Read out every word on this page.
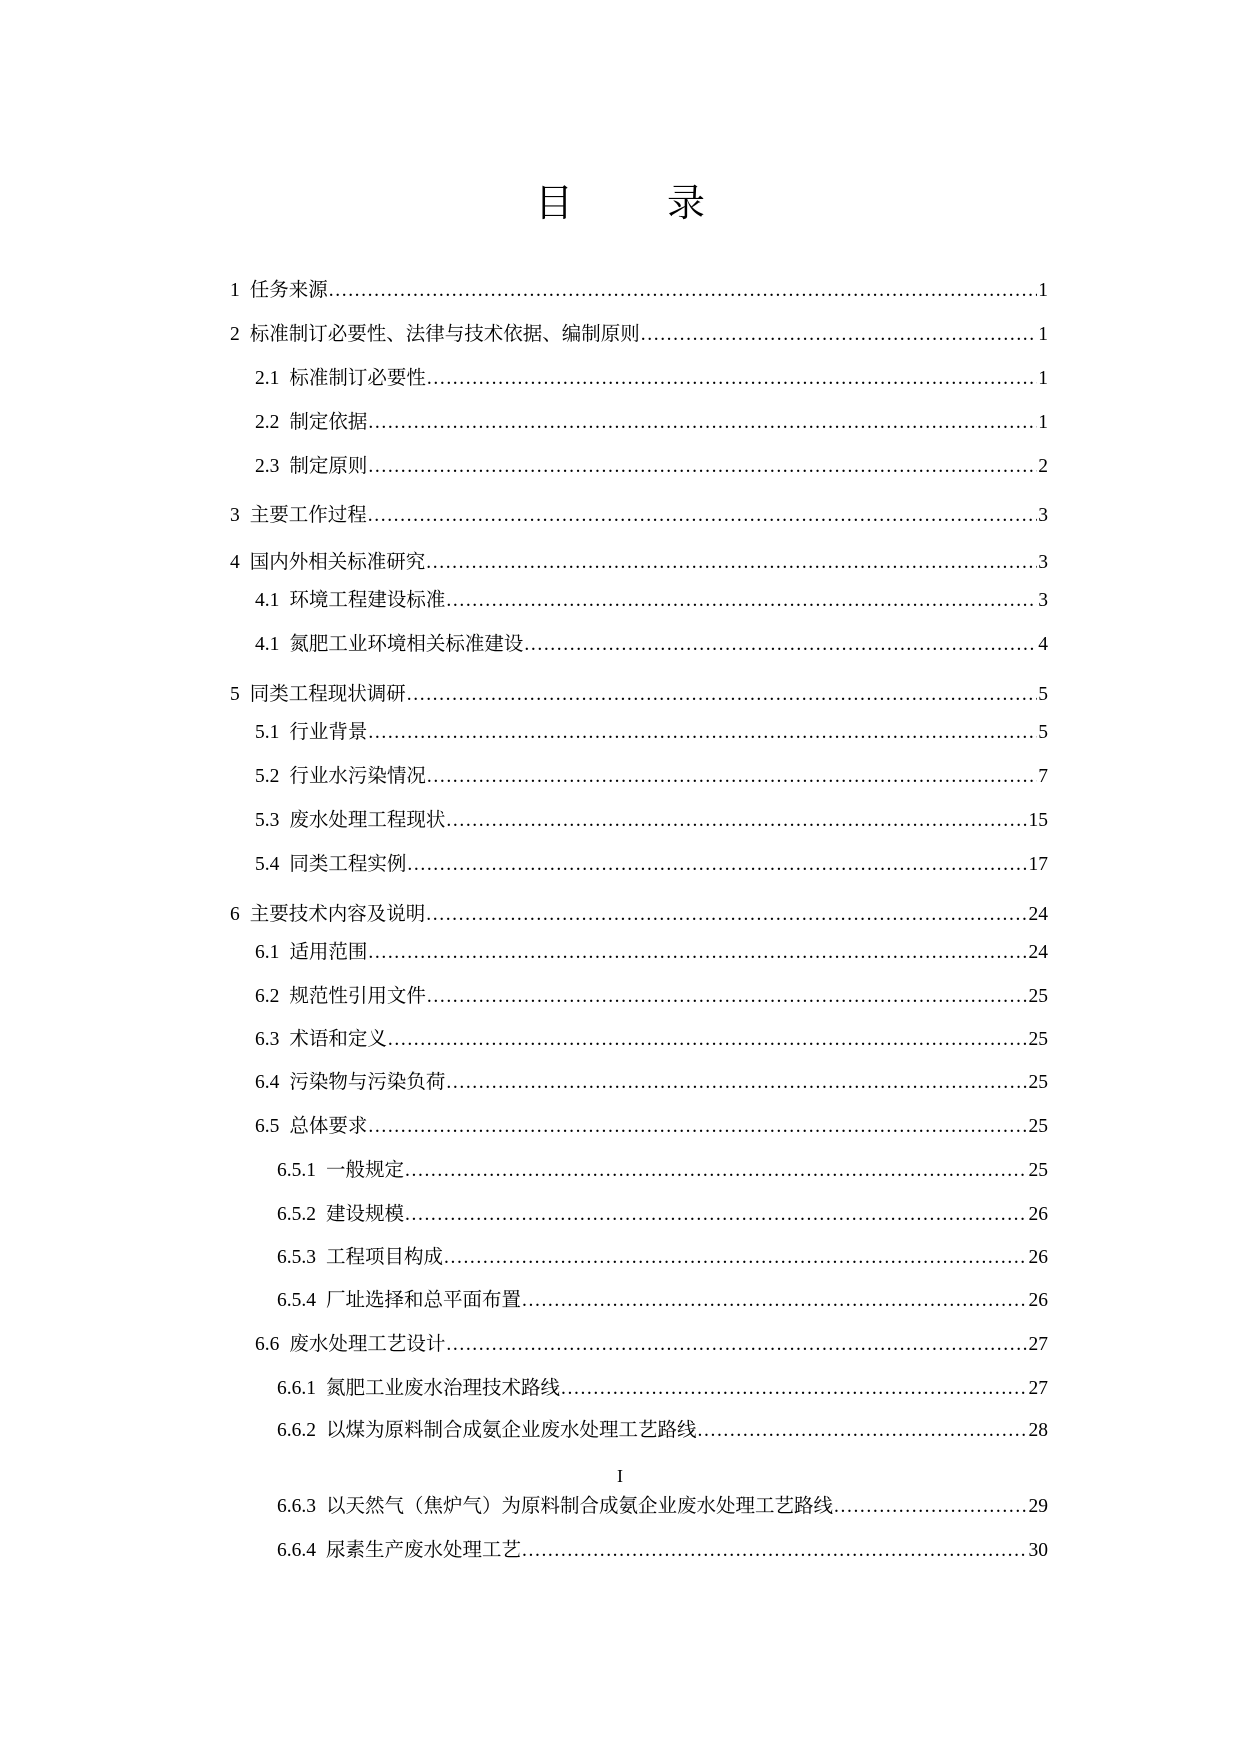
目　录
1 任务来源 .....	1
2 标准制订必要性、法律与技术依据、编制原则 .....	1
2.1 标准制订必要性 .....	1
2.2 制定依据 .....	1
2.3 制定原则 .....	2
3 主要工作过程 .....	3
4 国内外相关标准研究 .....	3
4.1 环境工程建设标准 .....	3
4.1 氮肥工业环境相关标准建设 .....	4
5 同类工程现状调研 .....	5
5.1 行业背景 .....	5
5.2 行业水污染情况 .....	7
5.3 废水处理工程现状 .....	15
5.4 同类工程实例 .....	17
6 主要技术内容及说明 .....	24
6.1 适用范围 .....	24
6.2 规范性引用文件 .....	25
6.3 术语和定义 .....	25
6.4 污染物与污染负荷 .....	25
6.5 总体要求 .....	25
6.5.1 一般规定 .....	25
6.5.2 建设规模 .....	26
6.5.3 工程项目构成 .....	26
6.5.4 厂址选择和总平面布置 .....	26
6.6 废水处理工艺设计 .....	27
6.6.1 氮肥工业废水治理技术路线 .....	27
6.6.2 以煤为原料制合成氨企业废水处理工艺路线 .....	28
I
6.6.3 以天然气（焦炉气）为原料制合成氨企业废水处理工艺路线 .....	29
6.6.4 尿素生产废水处理工艺 .....	30
